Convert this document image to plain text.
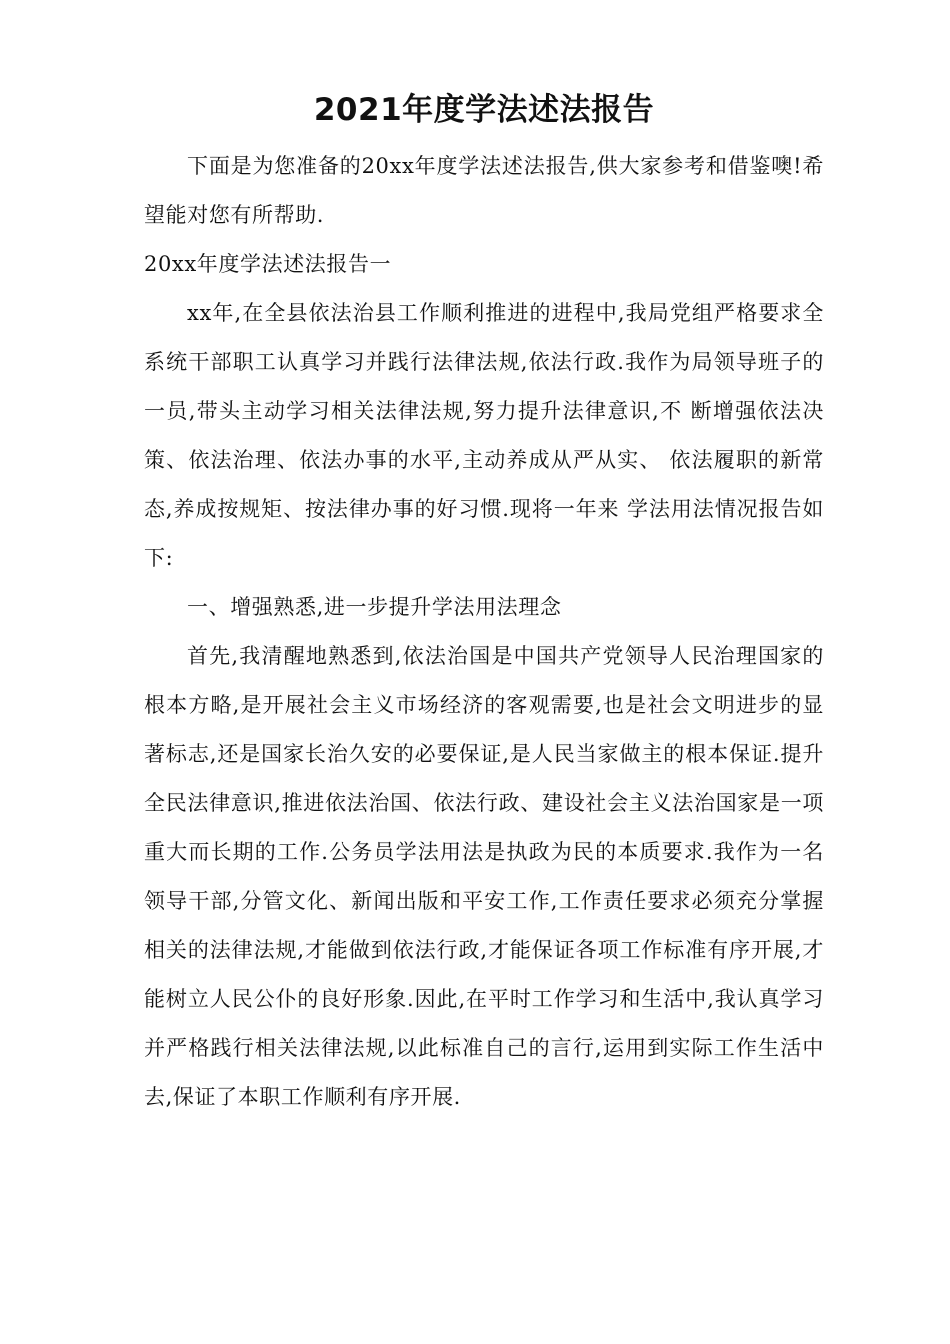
2021年度学法述法报告

下面是为您准备的20xx年度学法述法报告,供大家参考和借鉴噢!希望能对您有所帮助.

20xx年度学法述法报告一

xx年,在全县依法治县工作顺利推进的进程中,我局党组严格要求全系统干部职工认真学习并践行法律法规,依法行政.我作为局领导班子的一员,带头主动学习相关法律法规,努力提升法律意识,不 断增强依法决策、依法治理、依法办事的水平,主动养成从严从实、 依法履职的新常态,养成按规矩、按法律办事的好习惯.现将一年来 学法用法情况报告如下:

一、增强熟悉,进一步提升学法用法理念

首先,我清醒地熟悉到,依法治国是中国共产党领导人民治理国家的根本方略,是开展社会主义市场经济的客观需要,也是社会文明进步的显著标志,还是国家长治久安的必要保证,是人民当家做主的根本保证.提升全民法律意识,推进依法治国、依法行政、建设社会主义法治国家是一项重大而长期的工作.公务员学法用法是执政为民的本质要求.我作为一名领导干部,分管文化、新闻出版和平安工作,工作责任要求必须充分掌握相关的法律法规,才能做到依法行政,才能保证各项工作标准有序开展,才能树立人民公仆的良好形象.因此,在平时工作学习和生活中,我认真学习并严格践行相关法律法规,以此标准自己的言行,运用到实际工作生活中去,保证了本职工作顺利有序开展.
